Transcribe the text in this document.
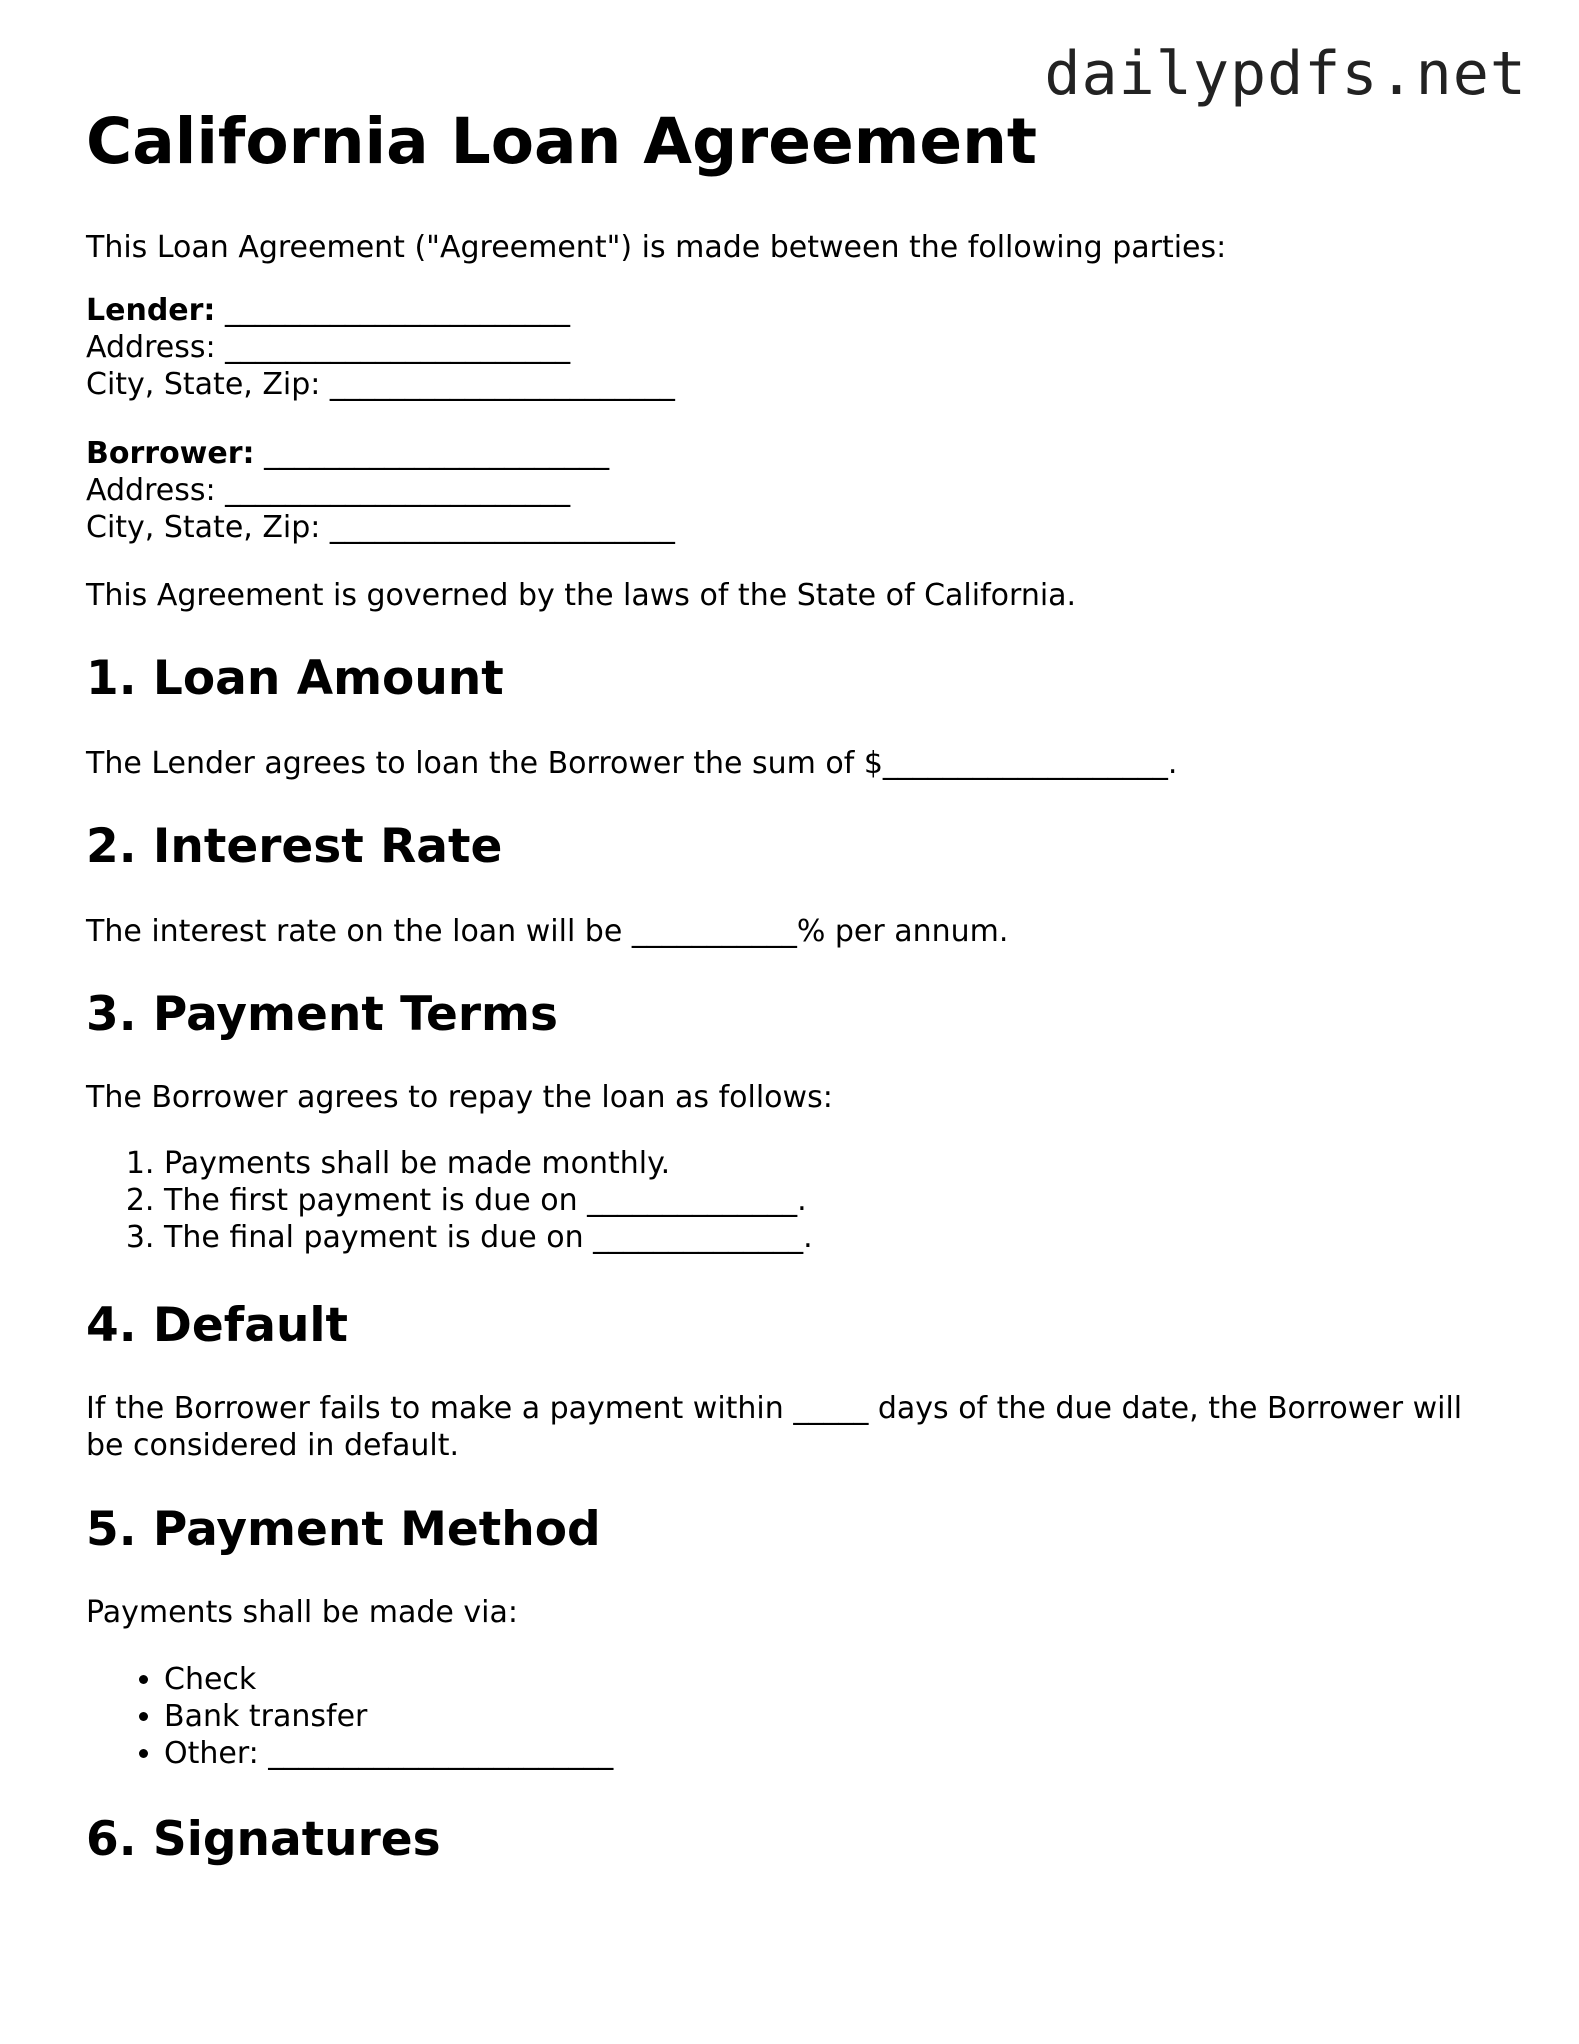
dailypdfs.net
California Loan Agreement

This Loan Agreement ("Agreement") is made between the following parties:

Lender: _______________________
Address: _______________________
City, State, Zip: _______________________
Borrower: _______________________
Address: _______________________
City, State, Zip: _______________________

This Agreement is governed by the laws of the State of California.

1. Loan Amount

The Lender agrees to loan the Borrower the sum of $___________________.

2. Interest Rate

The interest rate on the loan will be ___________% per annum.

3. Payment Terms

The Borrower agrees to repay the loan as follows:

1. Payments shall be made monthly.
2. The first payment is due on ______________.
3. The final payment is due on ______________.
4. Default

If the Borrower fails to make a payment within _____ days of the due date, the Borrower will be considered in default.

5. Payment Method

Payments shall be made via:

• Check
• Bank transfer
• Other: _______________________
6. Signatures
